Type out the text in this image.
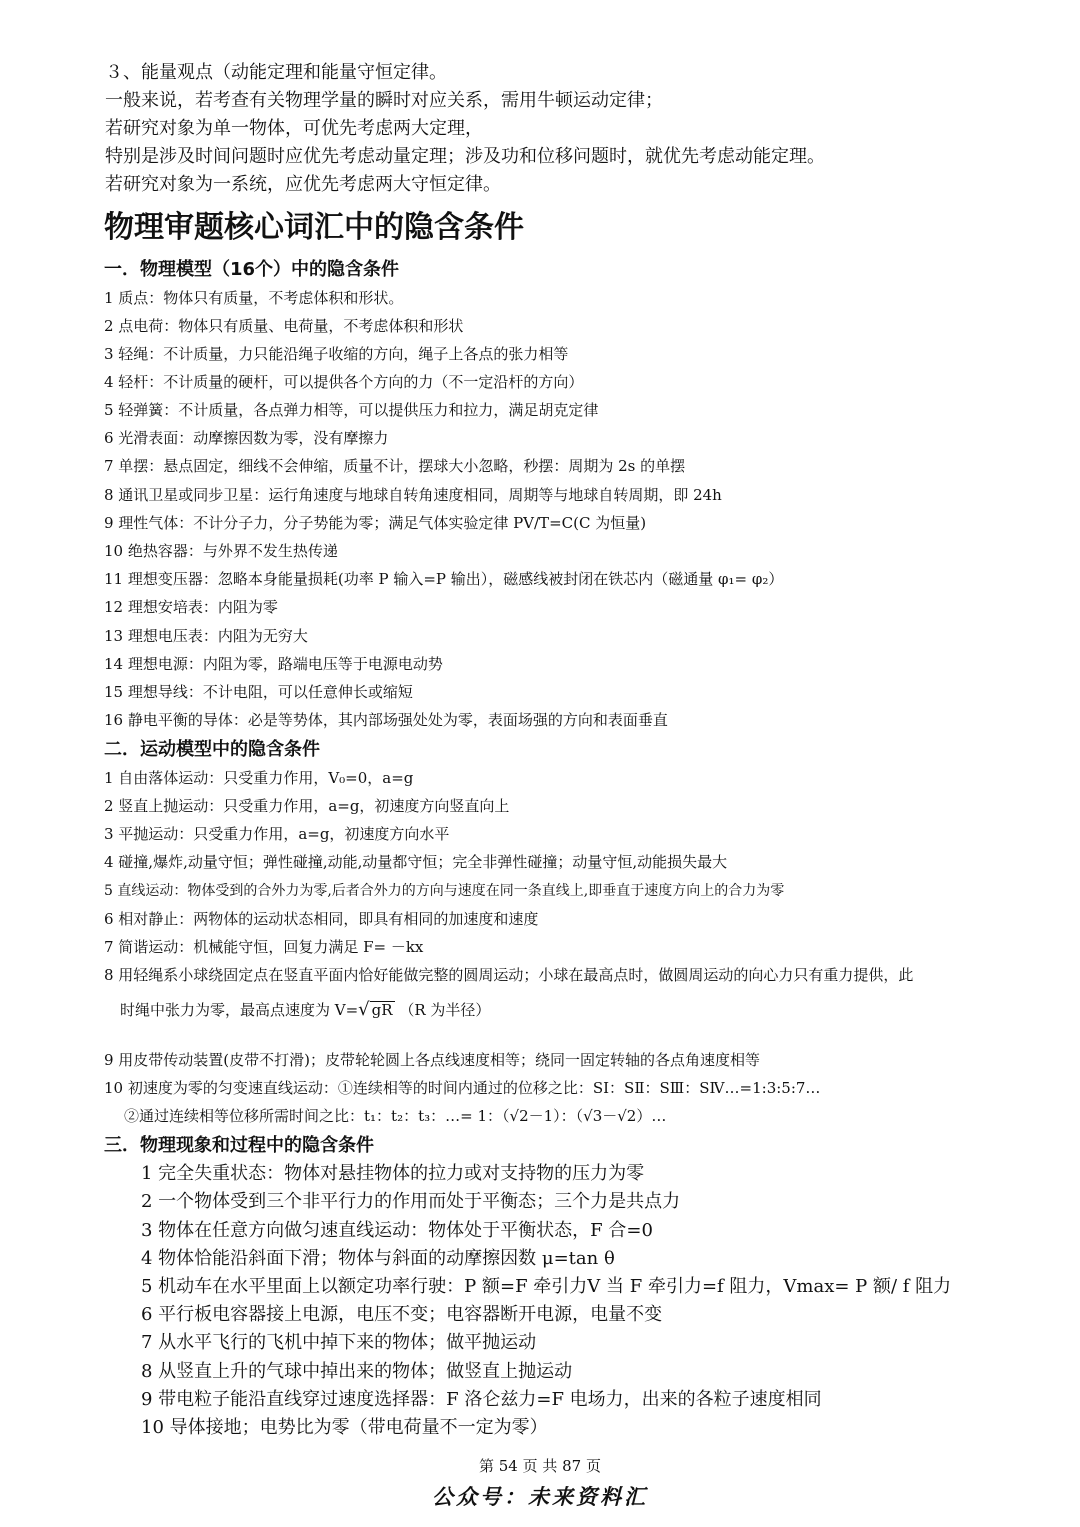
３、能量观点（动能定理和能量守恒定律。
一般来说，若考查有关物理学量的瞬时对应关系，需用牛顿运动定律；
若研究对象为单一物体，可优先考虑两大定理，
特别是涉及时间问题时应优先考虑动量定理；涉及功和位移问题时，就优先考虑动能定理。
若研究对象为一系统，应优先考虑两大守恒定律。
物理审题核心词汇中的隐含条件
一．物理模型（16个）中的隐含条件
1 质点：物体只有质量，不考虑体积和形状。
2 点电荷：物体只有质量、电荷量，不考虑体积和形状
3 轻绳：不计质量，力只能沿绳子收缩的方向，绳子上各点的张力相等
4 轻杆：不计质量的硬杆，可以提供各个方向的力（不一定沿杆的方向）
5 轻弹簧：不计质量，各点弹力相等，可以提供压力和拉力，满足胡克定律
6 光滑表面：动摩擦因数为零，没有摩擦力
7 单摆：悬点固定，细线不会伸缩，质量不计，摆球大小忽略，秒摆：周期为 2s 的单摆
8 通讯卫星或同步卫星：运行角速度与地球自转角速度相同，周期等与地球自转周期，即 24h
9 理性气体：不计分子力，分子势能为零；满足气体实验定律 PV/T=C(C 为恒量)
10 绝热容器：与外界不发生热传递
11 理想变压器：忽略本身能量损耗(功率 P 输入=P 输出），磁感线被封闭在铁芯内（磁通量 φ₁= φ₂）
12 理想安培表：内阻为零
13 理想电压表：内阻为无穷大
14 理想电源：内阻为零，路端电压等于电源电动势
15 理想导线：不计电阻，可以任意伸长或缩短
16 静电平衡的导体：必是等势体，其内部场强处处为零，表面场强的方向和表面垂直
二．运动模型中的隐含条件
1 自由落体运动：只受重力作用，V₀=0，a=g
2 竖直上抛运动：只受重力作用，a=g，初速度方向竖直向上
3 平抛运动：只受重力作用，a=g，初速度方向水平
4 碰撞,爆炸,动量守恒；弹性碰撞,动能,动量都守恒；完全非弹性碰撞；动量守恒,动能损失最大
5 直线运动：物体受到的合外力为零,后者合外力的方向与速度在同一条直线上,即垂直于速度方向上的合力为零
6 相对静止：两物体的运动状态相同，即具有相同的加速度和速度
7 简谐运动：机械能守恒，回复力满足 F= －kx
8 用轻绳系小球绕固定点在竖直平面内恰好能做完整的圆周运动；小球在最高点时，做圆周运动的向心力只有重力提供，此
时绳中张力为零，最高点速度为 V=√ gR （R 为半径）
9 用皮带传动装置(皮带不打滑)；皮带轮轮圆上各点线速度相等；绕同一固定转轴的各点角速度相等
10 初速度为零的匀变速直线运动：①连续相等的时间内通过的位移之比：SⅠ：SⅡ：SⅢ：SⅣ…=1:3:5:7…
②通过连续相等位移所需时间之比：t₁：t₂：t₃：…= 1：（√2－1）：（√3－√2）…
三．物理现象和过程中的隐含条件
1 完全失重状态：物体对悬挂物体的拉力或对支持物的压力为零
2 一个物体受到三个非平行力的作用而处于平衡态；三个力是共点力
3 物体在任意方向做匀速直线运动：物体处于平衡状态，F 合=0
4 物体恰能沿斜面下滑；物体与斜面的动摩擦因数 μ=tan θ
5 机动车在水平里面上以额定功率行驶：P 额=F 牵引力V 当 F 牵引力=f 阻力，Vmax= P 额/ f 阻力
6 平行板电容器接上电源，电压不变；电容器断开电源，电量不变
7 从水平飞行的飞机中掉下来的物体；做平抛运动
8 从竖直上升的气球中掉出来的物体；做竖直上抛运动
9 带电粒子能沿直线穿过速度选择器：F 洛仑兹力=F 电场力，出来的各粒子速度相同
10 导体接地；电势比为零（带电荷量不一定为零）
第 54 页 共 87 页
公众号：未来资料汇
